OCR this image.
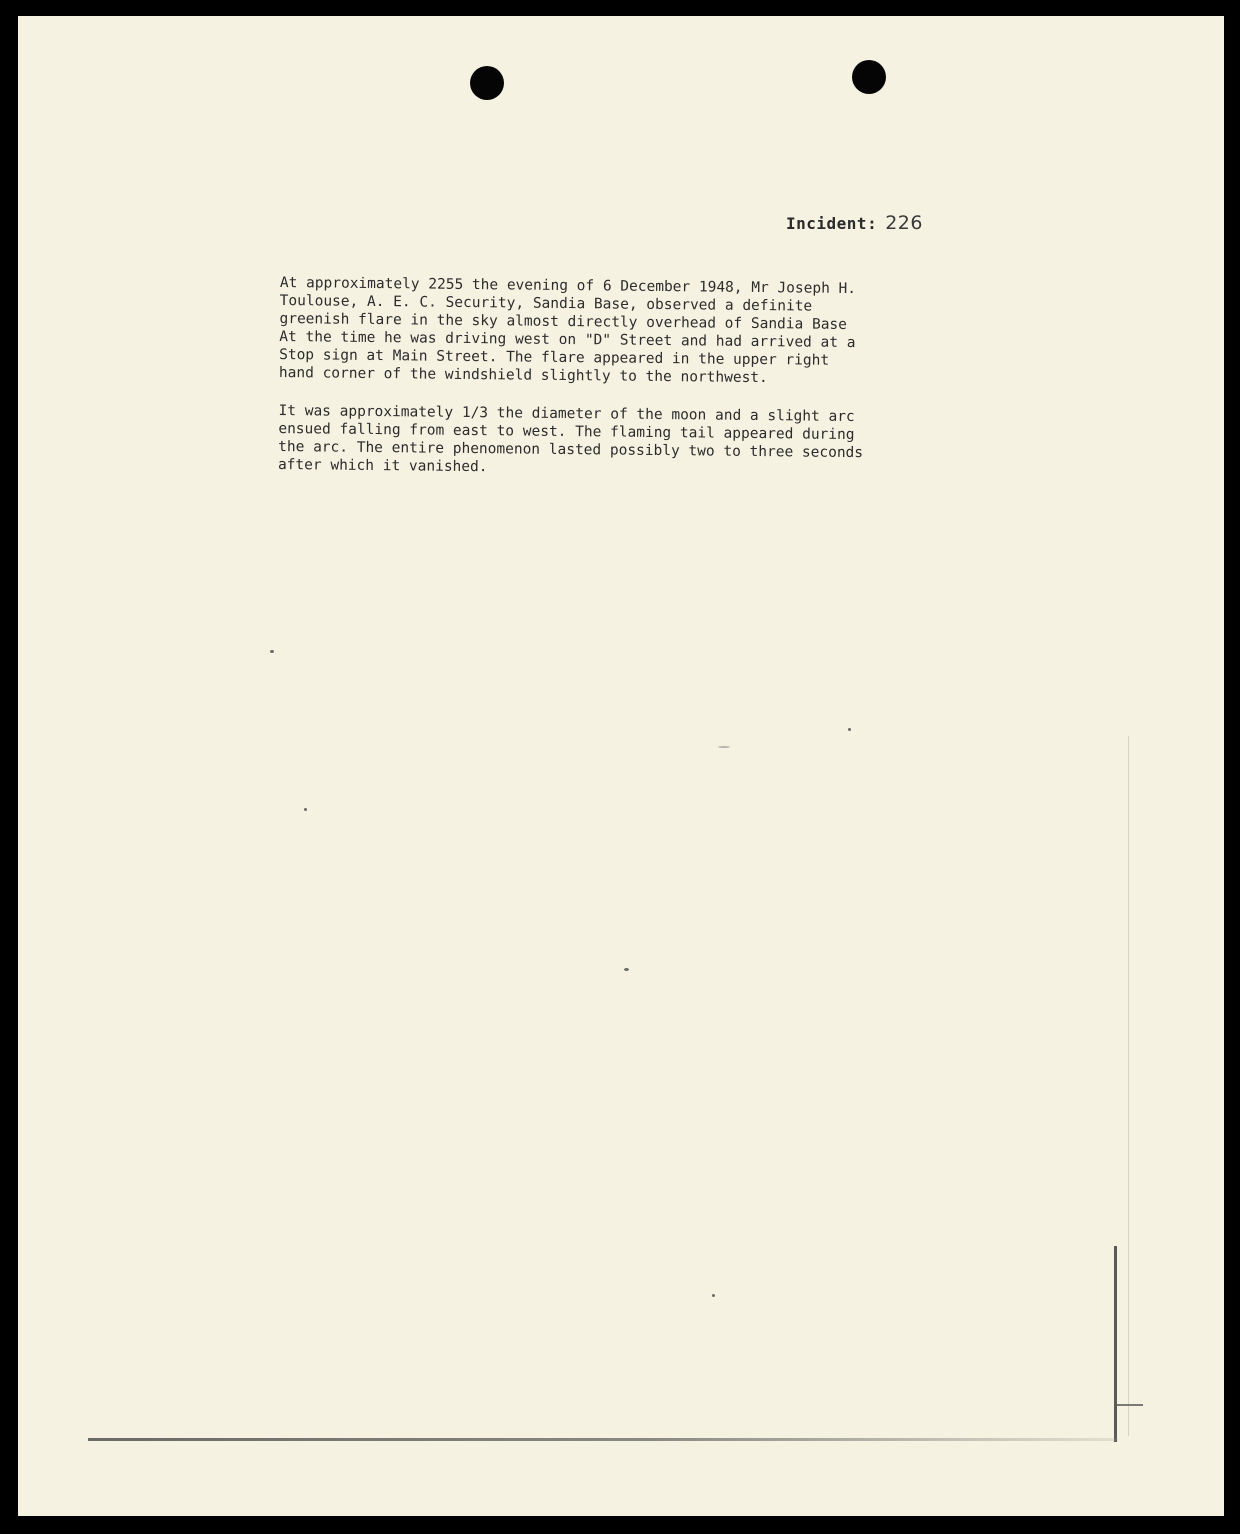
Incident: 226

At approximately 2255 the evening of 6 December 1948, Mr Joseph H.

Toulouse, A. E. C. Security, Sandia Base, observed a definite

greenish flare in the sky almost directly overhead of Sandia Base

At the time he was driving west on "D" Street and had arrived at a

Stop sign at Main Street. The flare appeared in the upper right

hand corner of the windshield slightly to the northwest.

It was approximately 1/3 the diameter of the moon and a slight arc

ensued falling from east to west. The flaming tail appeared during

the arc. The entire phenomenon lasted possibly two to three seconds

after which it vanished.
